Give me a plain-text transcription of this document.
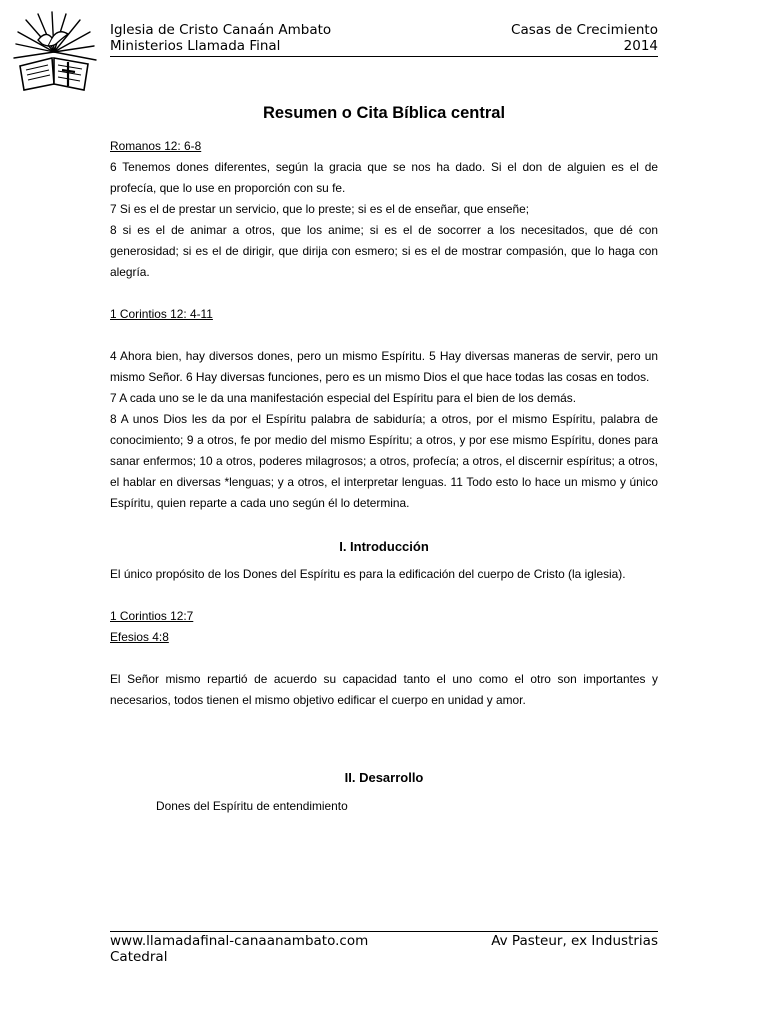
Iglesia de Cristo Canaán Ambato	Casas de Crecimiento
Ministerios Llamada Final	2014
Resumen o Cita Bíblica central

Romanos 12: 6-8

6 Tenemos dones diferentes, según la gracia que se nos ha dado. Si el don de alguien es el de profecía, que lo use en proporción con su fe.

7 Si es el de prestar un servicio, que lo preste; si es el de enseñar, que enseñe;

8 si es el de animar a otros, que los anime; si es el de socorrer a los necesitados, que dé con generosidad; si es el de dirigir, que dirija con esmero; si es el de mostrar compasión, que lo haga con alegría.

1 Corintios 12: 4-11

4 Ahora bien, hay diversos dones, pero un mismo Espíritu. 5 Hay diversas maneras de servir, pero un mismo Señor. 6 Hay diversas funciones, pero es un mismo Dios el que hace todas las cosas en todos.

7 A cada uno se le da una manifestación especial del Espíritu para el bien de los demás.

8 A unos Dios les da por el Espíritu palabra de sabiduría; a otros, por el mismo Espíritu, palabra de conocimiento; 9 a otros, fe por medio del mismo Espíritu; a otros, y por ese mismo Espíritu, dones para sanar enfermos; 10 a otros, poderes milagrosos; a otros, profecía; a otros, el discernir espíritus; a otros, el hablar en diversas *lenguas; y a otros, el interpretar lenguas. 11 Todo esto lo hace un mismo y único Espíritu, quien reparte a cada uno según él lo determina.

I. Introducción

El único propósito de los Dones del Espíritu es para la edificación del cuerpo de Cristo (la iglesia).

1 Corintios 12:7

Efesios 4:8

El Señor mismo repartió de acuerdo su capacidad tanto el uno como el otro son importantes y necesarios, todos tienen el mismo objetivo edificar el cuerpo en unidad y amor.

II. Desarrollo

Dones del Espíritu de entendimiento

www.llamadafinal-canaanambato.com	Av Pasteur, ex Industrias
Catedral
